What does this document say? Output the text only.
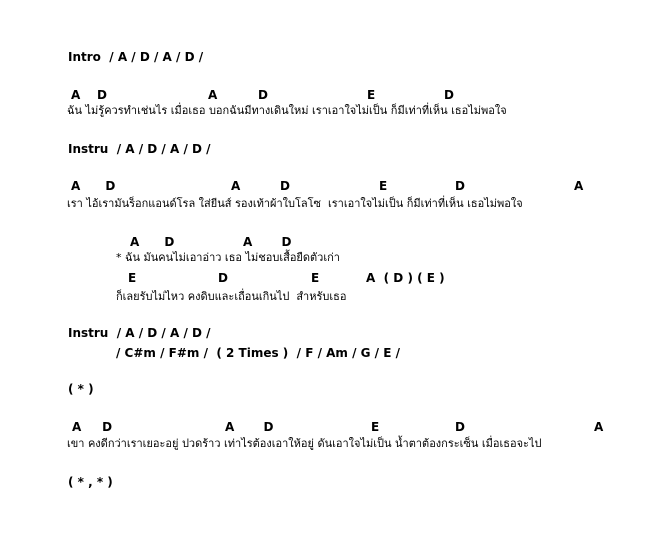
Intro  / A / D / A / D /
A    D	A	D	E	D
ฉัน ไม่รู้ควรทำเช่นไร เมื่อเธอ บอกฉันมีทางเดินใหม่ เราเอาใจไม่เป็น ก็มีเท่าที่เห็น เธอไม่พอใจ
Instru  / A / D / A / D /
A      D	A	D	E	D	A
เรา ไอ้เรามันร็อกแอนด์โรล ใส่ยีนส์ รองเท้าผ้าใบโลโซ  เราเอาใจไม่เป็น ก็มีเท่าที่เห็น เธอไม่พอใจ
A      D	A       D
* ฉัน มันคนไม่เอาอ่าว เธอ ไม่ชอบเสื้อยืดตัวเก่า
E	D	E	A  ( D ) ( E )
ก็เลยรับไม่ไหว คงดิบและเถื่อนเกินไป  สำหรับเธอ
Instru  / A / D / A / D /
/ C#m / F#m /  ( 2 Times )  / F / Am / G / E /
( * )
A     D	A       D	E	D	A
เขา คงดีกว่าเราเยอะอยู่ ปวดร้าว เท่าไรต้องเอาให้อยู่ ดันเอาใจไม่เป็น น้ำตาต้องกระเซ็น เมื่อเธอจะไป
( * , * )
